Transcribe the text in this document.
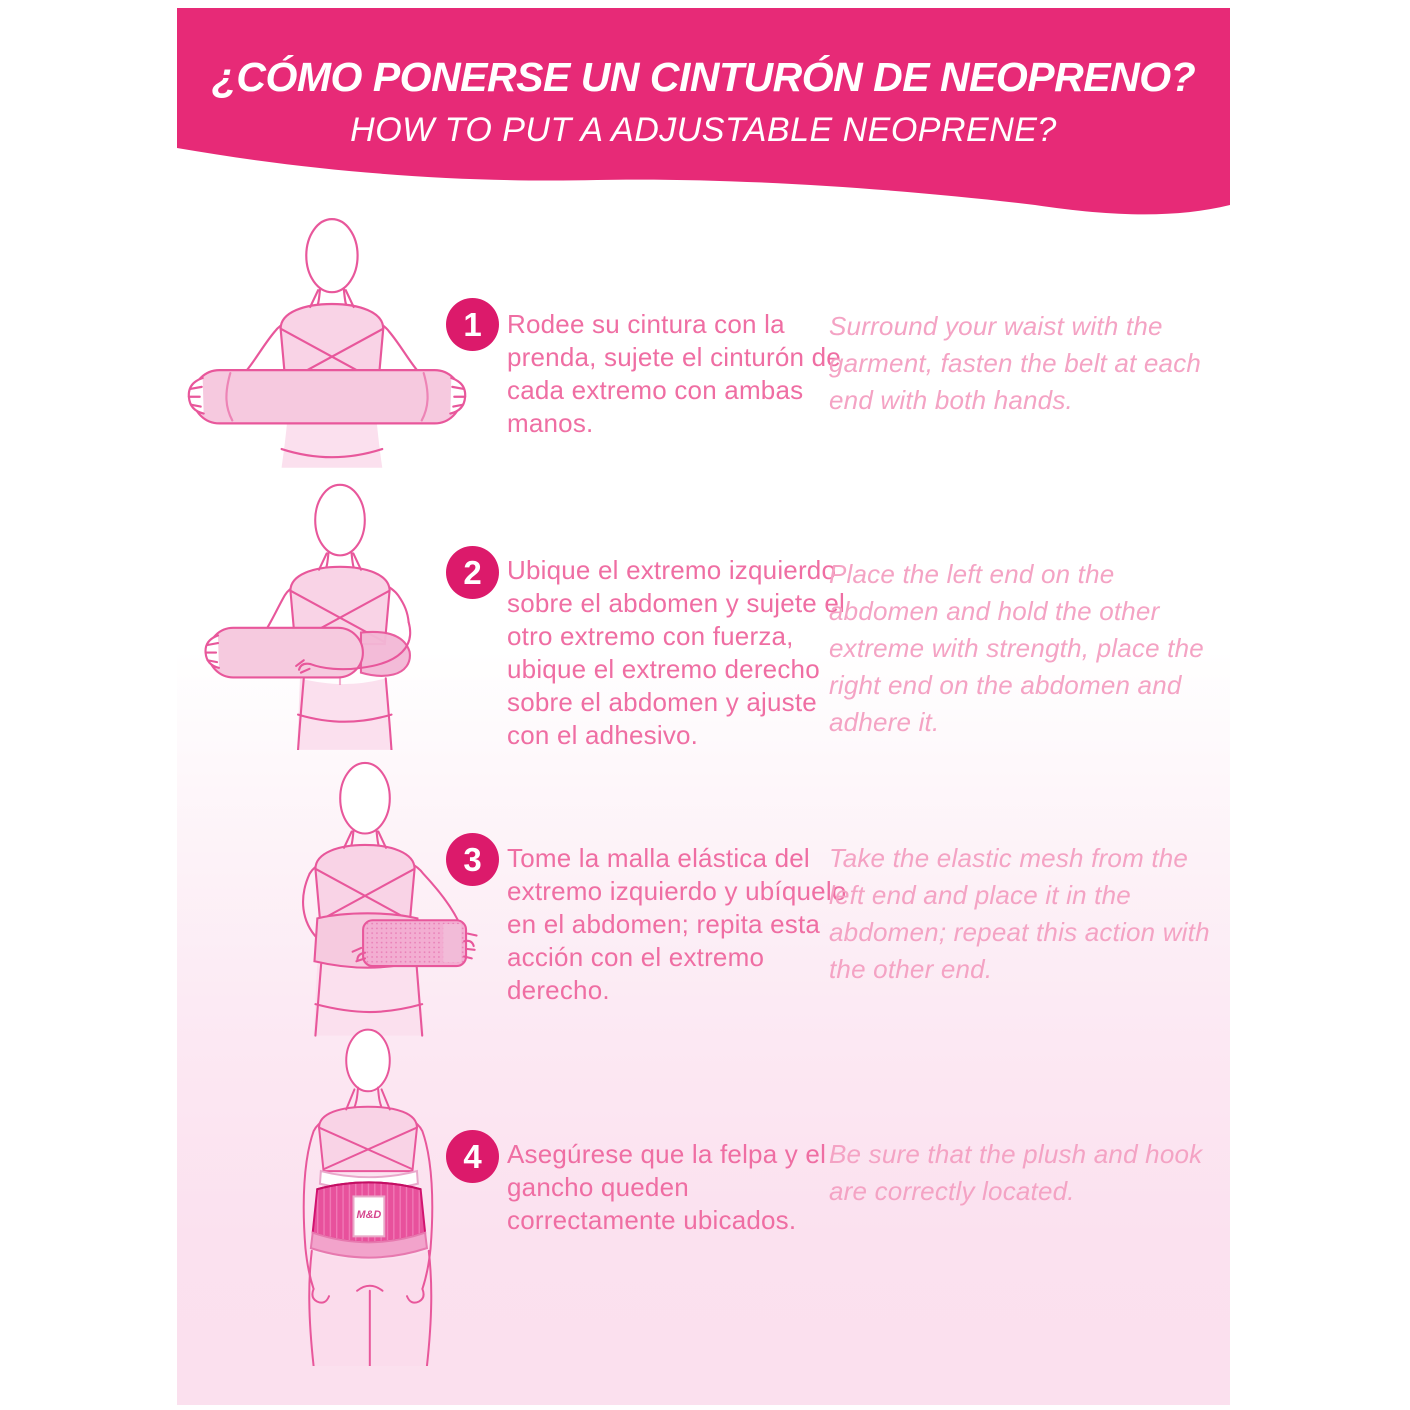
¿CÓMO PONERSE UN CINTURÓN DE NEOPRENO?
HOW TO PUT A ADJUSTABLE NEOPRENE?
1 Rodee su cintura con la prenda, sujete el cinturón de cada extremo con ambas manos.
Surround your waist with the garment, fasten the belt at each end with both hands.
2 Ubique el extremo izquierdo sobre el abdomen y sujete el otro extremo con fuerza, ubique el extremo derecho sobre el abdomen y ajuste con el adhesivo.
Place the left end on the abdomen and hold the other extreme with strength, place the right end on the abdomen and adhere it.
3 Tome la malla elástica del extremo izquierdo y ubíquelo en el abdomen; repita esta acción con el extremo derecho.
Take the elastic mesh from the left end and place it in the abdomen; repeat this action with the other end.
M&D
4 Asegúrese que la felpa y el gancho queden correctamente ubicados.
Be sure that the plush and hook are correctly located.
